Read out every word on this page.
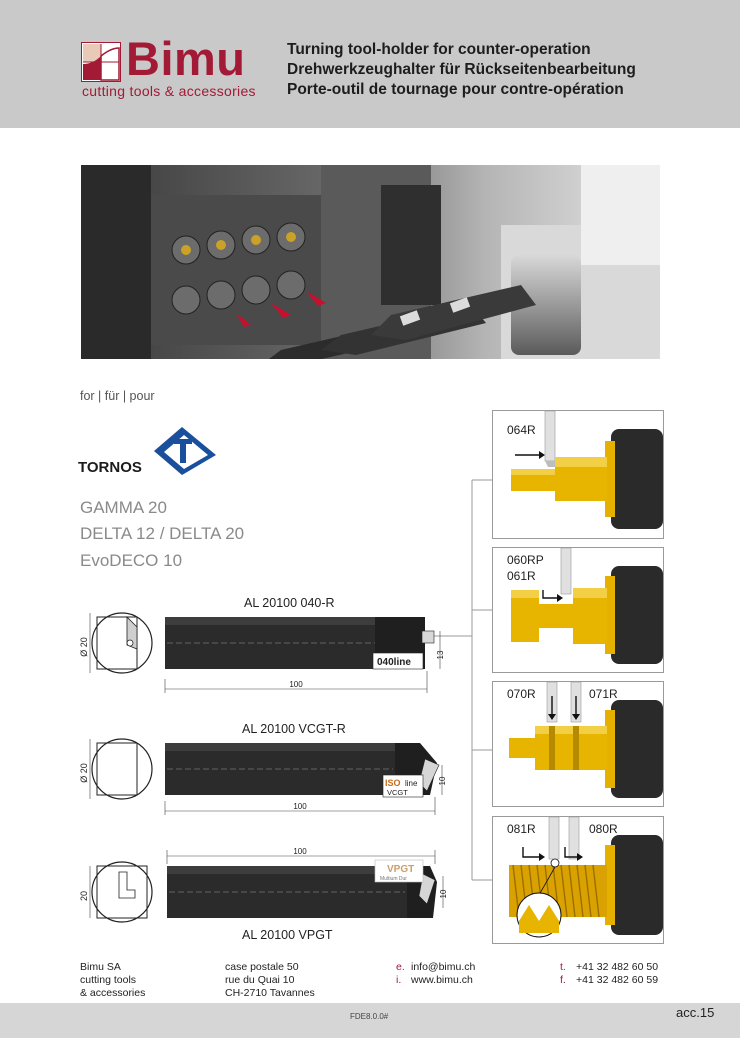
Bimu
cutting tools & accessories
Turning tool-holder for counter-operation
Drehwerkzeughalter für Rückseitenbearbeitung
Porte-outil de tournage pour contre-opération
for | für | pour
TORNOS
GAMMA 20
DELTA 12 / DELTA 20
EvoDECO 10
AL 20100 040-R
Ø 20
040line
100
13
AL 20100 VCGT-R
Ø 20
ISO line
VCGT
100
10
100
20
VPGT
Multium Dur
10
AL 20100 VPGT
064R
060RP
061R
070R	071R
081R	080R
Bimu SA
cutting tools
& accessories
case postale 50
rue du Quai 10
CH-2710 Tavannes
e. info@bimu.ch
i. www.bimu.ch
t. +41 32 482 60 50
f. +41 32 482 60 59
FDE8.0.0#	acc.15
